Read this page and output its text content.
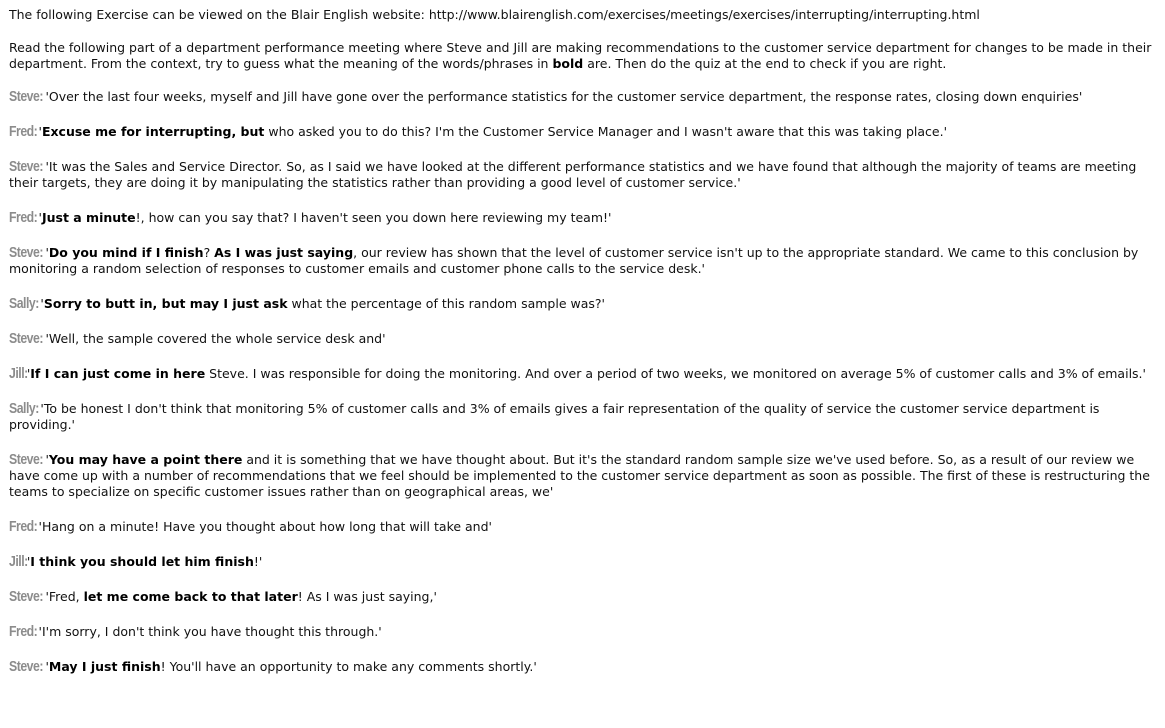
The following Exercise can be viewed on the Blair English website: http://www.blairenglish.com/exercises/meetings/exercises/interrupting/interrupting.html

Read the following part of a department performance meeting where Steve and Jill are making recommendations to the customer service department for changes to be made in their department. From the context, try to guess what the meaning of the words/phrases in bold are. Then do the quiz at the end to check if you are right.

Steve: 'Over the last four weeks, myself and Jill have gone over the performance statistics for the customer service department, the response rates, closing down enquiries'

Fred:'Excuse me for interrupting, but who asked you to do this? I'm the Customer Service Manager and I wasn't aware that this was taking place.'

Steve: 'It was the Sales and Service Director. So, as I said we have looked at the different performance statistics and we have found that although the majority of teams are meeting their targets, they are doing it by manipulating the statistics rather than providing a good level of customer service.'

Fred:'Just a minute!, how can you say that? I haven't seen you down here reviewing my team!'

Steve: 'Do you mind if I finish? As I was just saying, our review has shown that the level of customer service isn't up to the appropriate standard. We came to this conclusion by monitoring a random selection of responses to customer emails and customer phone calls to the service desk.'

Sally: 'Sorry to butt in, but may I just ask what the percentage of this random sample was?'

Steve: 'Well, the sample covered the whole service desk and'

Jill:'If I can just come in here Steve. I was responsible for doing the monitoring. And over a period of two weeks, we monitored on average 5% of customer calls and 3% of emails.'

Sally: 'To be honest I don't think that monitoring 5% of customer calls and 3% of emails gives a fair representation of the quality of service the customer service department is providing.'

Steve: 'You may have a point there and it is something that we have thought about. But it's the standard random sample size we've used before. So, as a result of our review we have come up with a number of recommendations that we feel should be implemented to the customer service department as soon as possible. The first of these is restructuring the teams to specialize on specific customer issues rather than on geographical areas, we'

Fred:'Hang on a minute! Have you thought about how long that will take and'

Jill:'I think you should let him finish!'

Steve: 'Fred, let me come back to that later! As I was just saying,'

Fred:'I'm sorry, I don't think you have thought this through.'

Steve: 'May I just finish! You'll have an opportunity to make any comments shortly.'
